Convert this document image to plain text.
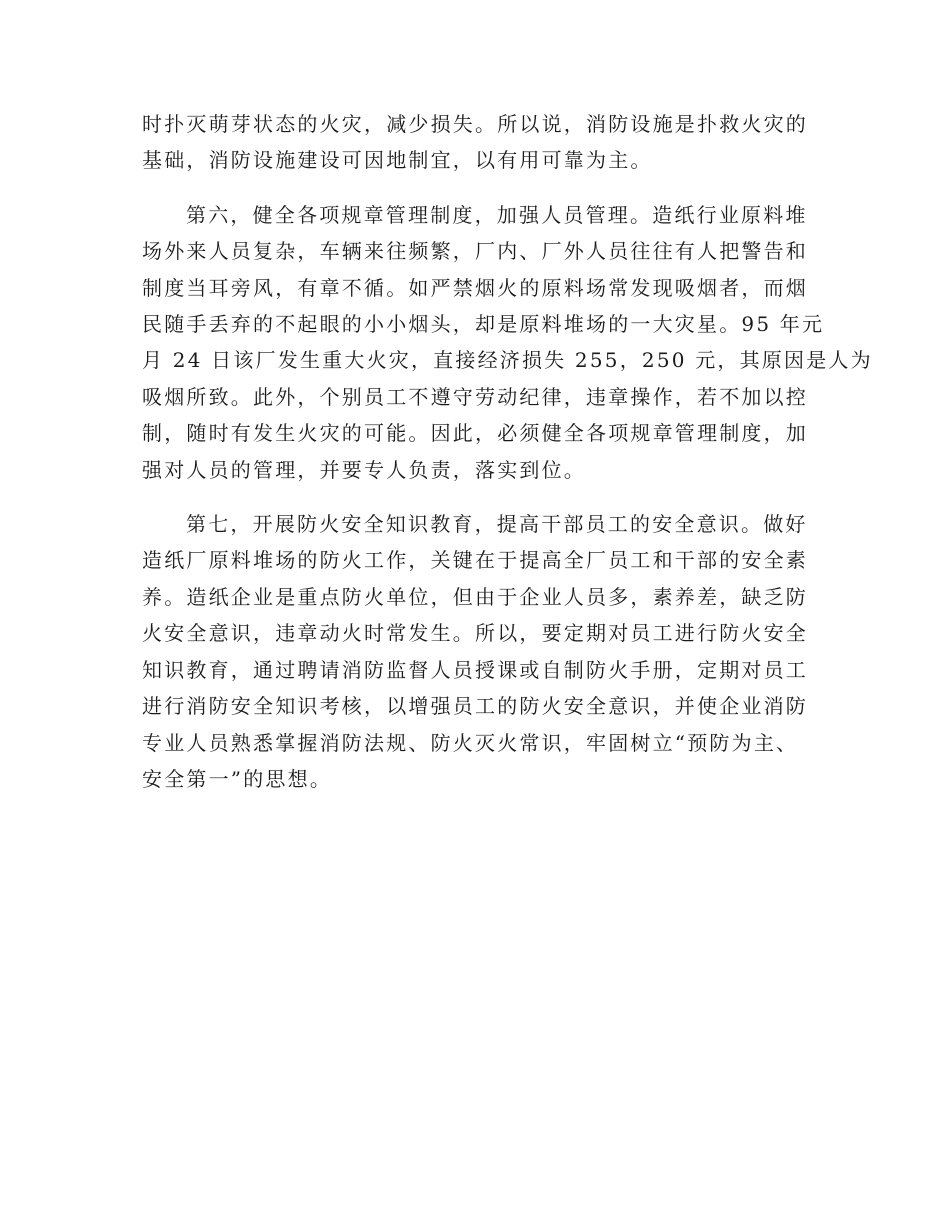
时扑灭萌芽状态的火灾，减少损失。所以说，消防设施是扑救火灾的
基础，消防设施建设可因地制宜，以有用可靠为主。

第六，健全各项规章管理制度，加强人员管理。造纸行业原料堆
场外来人员复杂，车辆来往频繁，厂内、厂外人员往往有人把警告和
制度当耳旁风，有章不循。如严禁烟火的原料场常发现吸烟者，而烟
民随手丢弃的不起眼的小小烟头，却是原料堆场的一大灾星。95 年元
月 24 日该厂发生重大火灾，直接经济损失 255，250 元，其原因是人为
吸烟所致。此外，个别员工不遵守劳动纪律，违章操作，若不加以控
制，随时有发生火灾的可能。因此，必须健全各项规章管理制度，加
强对人员的管理，并要专人负责，落实到位。

第七，开展防火安全知识教育，提高干部员工的安全意识。做好
造纸厂原料堆场的防火工作，关键在于提高全厂员工和干部的安全素
养。造纸企业是重点防火单位，但由于企业人员多，素养差，缺乏防
火安全意识，违章动火时常发生。所以，要定期对员工进行防火安全
知识教育，通过聘请消防监督人员授课或自制防火手册，定期对员工
进行消防安全知识考核，以增强员工的防火安全意识，并使企业消防
专业人员熟悉掌握消防法规、防火灭火常识，牢固树立“预防为主、
安全第一”的思想。
